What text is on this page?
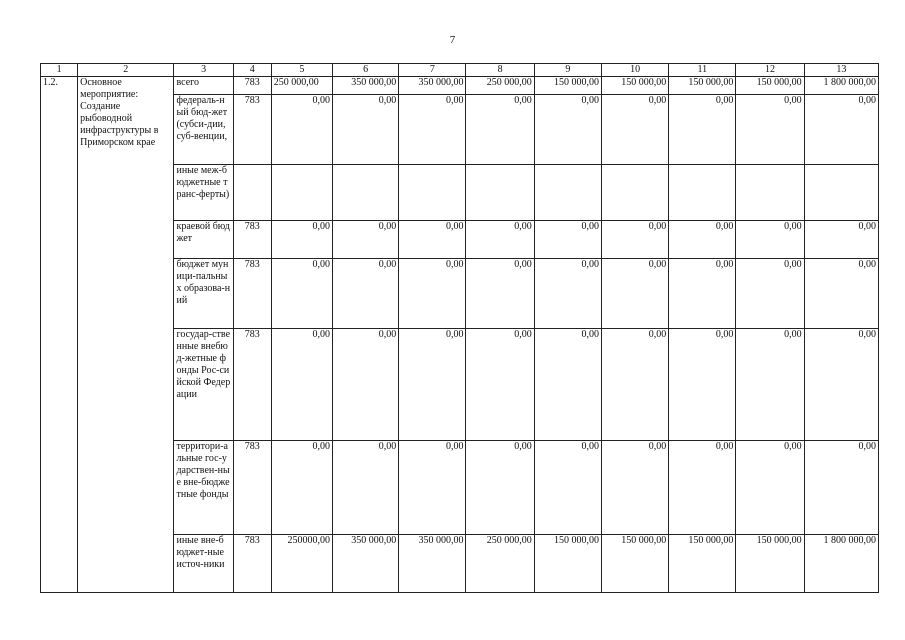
7
1	2	3	4	5	6	7	8	9	10	11	12	13
1.2.	Основное мероприятие: Создание рыбоводной инфраструктуры в Приморском крае	всего	783	250 000,00	350 000,00	350 000,00	250 000,00	150 000,00	150 000,00	150 000,00	150 000,00	1 800 000,00
		федераль-ный бюд-жет (субси-дии, суб-венции,	783	0,00	0,00	0,00	0,00	0,00	0,00	0,00	0,00	0,00
		иные меж-бюджетные транс-ферты)										
		краевой бюджет	783	0,00	0,00	0,00	0,00	0,00	0,00	0,00	0,00	0,00
		бюджет муници-пальных образова-ний	783	0,00	0,00	0,00	0,00	0,00	0,00	0,00	0,00	0,00
		государ-ственные внебюд-жетные фонды Рос-сийской Федерации	783	0,00	0,00	0,00	0,00	0,00	0,00	0,00	0,00	0,00
		территори-альные гос-ударствен-ные вне-бюджетные фонды	783	0,00	0,00	0,00	0,00	0,00	0,00	0,00	0,00	0,00
		иные вне-бюджет-ные источ-ники	783	250000,00	350 000,00	350 000,00	250 000,00	150 000,00	150 000,00	150 000,00	150 000,00	1 800 000,00
